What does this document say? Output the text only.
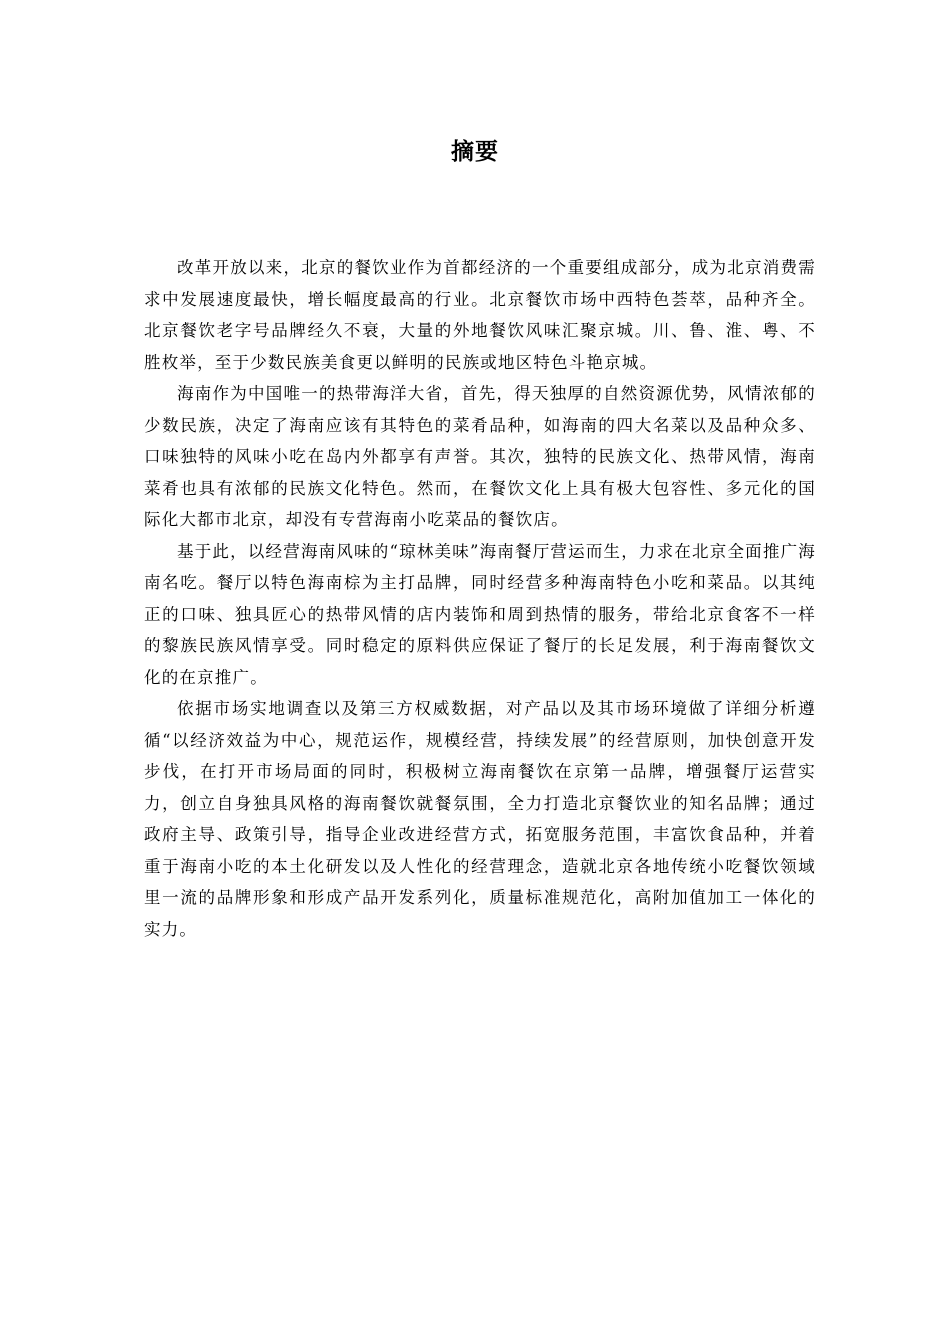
摘要

改革开放以来，北京的餐饮业作为首都经济的一个重要组成部分，成为北京消费需求中发展速度最快，增长幅度最高的行业。北京餐饮市场中西特色荟萃，品种齐全。北京餐饮老字号品牌经久不衰，大量的外地餐饮风味汇聚京城。川、鲁、淮、粤、不胜枚举，至于少数民族美食更以鲜明的民族或地区特色斗艳京城。

海南作为中国唯一的热带海洋大省，首先，得天独厚的自然资源优势，风情浓郁的少数民族，决定了海南应该有其特色的菜肴品种，如海南的四大名菜以及品种众多、口味独特的风味小吃在岛内外都享有声誉。其次，独特的民族文化、热带风情，海南菜肴也具有浓郁的民族文化特色。然而，在餐饮文化上具有极大包容性、多元化的国际化大都市北京，却没有专营海南小吃菜品的餐饮店。

基于此，以经营海南风味的“琼林美味”海南餐厅营运而生，力求在北京全面推广海南名吃。餐厅以特色海南棕为主打品牌，同时经营多种海南特色小吃和菜品。以其纯正的口味、独具匠心的热带风情的店内装饰和周到热情的服务，带给北京食客不一样的黎族民族风情享受。同时稳定的原料供应保证了餐厅的长足发展，利于海南餐饮文化的在京推广。

依据市场实地调查以及第三方权威数据，对产品以及其市场环境做了详细分析遵循“以经济效益为中心，规范运作，规模经营，持续发展”的经营原则，加快创意开发步伐，在打开市场局面的同时，积极树立海南餐饮在京第一品牌，增强餐厅运营实力，创立自身独具风格的海南餐饮就餐氛围，全力打造北京餐饮业的知名品牌；通过政府主导、政策引导，指导企业改进经营方式，拓宽服务范围，丰富饮食品种，并着重于海南小吃的本土化研发以及人性化的经营理念，造就北京各地传统小吃餐饮领域里一流的品牌形象和形成产品开发系列化，质量标准规范化，高附加值加工一体化的实力。
